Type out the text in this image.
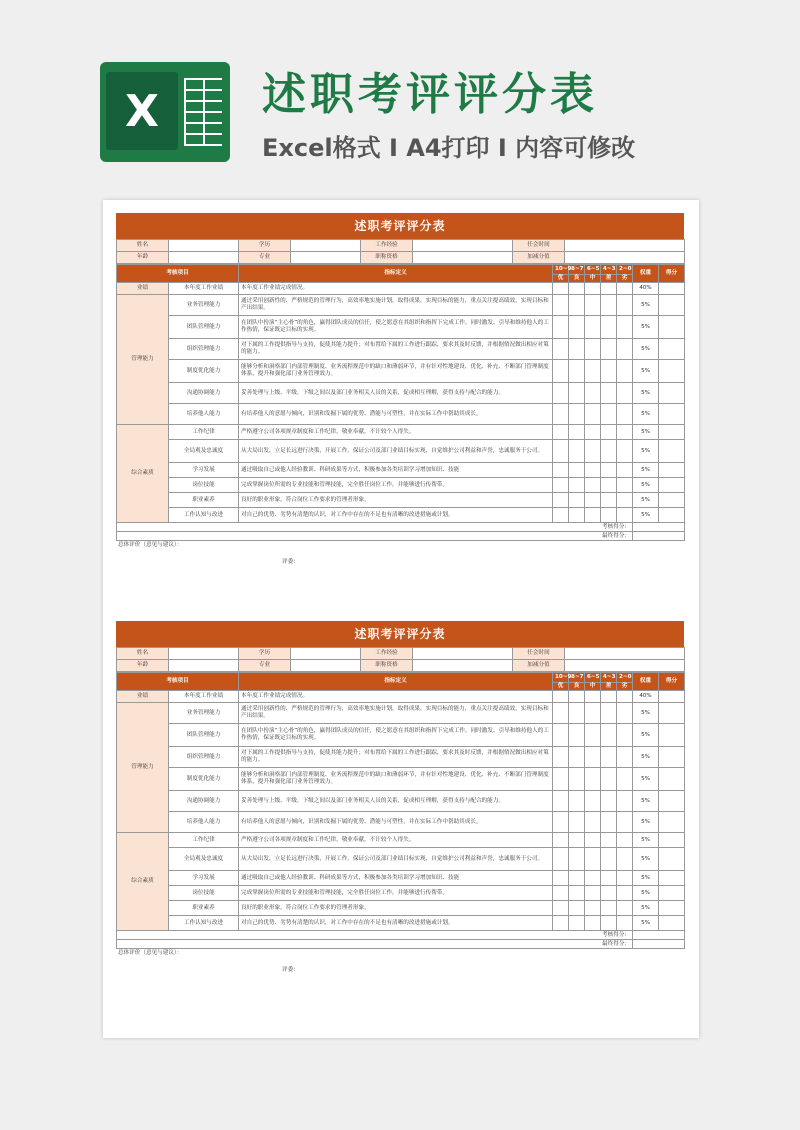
X	述职考评评分表
Excel格式 I A4打印 I 内容可修改
述职考评评分表
姓名		学历		工作经验		任会时间	
年龄		专业		职称资格		加减分值	
考核项目		指标定义	10~9	8~7	6~5	4~3	2~0	权重	得分
			优	良	中	差	劣		
业绩	本年度工作业绩	本年度工作业绩完成情况。						40%	
管理能力	业务管理能力	通过采用创新性的、严格规范的管理行为，高效率地实施计划，取得成果，实现目标的能力，重点关注提高绩效，实现目标和产出结果。						5%	
	团队管理能力	在团队中扮演“主心骨”的角色，赢得团队成员的信任，使之愿意在其组织和指挥下完成工作，同时激发、引导和维持他人的工作热情，保证既定目标的实现。						5%	
	组织管理能力	对下属的工作提供指导与支持，促使其能力提升；对布置给下属的工作进行跟踪，要求其及时反馈，并根据情况做出相应对策的能力。						5%	
	制度优化能力	能够分析和洞察部门内部管理制度、业务流程规范中的缺口和薄弱环节，并有针对性地建设、优化、补充、不断部门管理制度体系，提升和强化部门业务管理效力。						5%	
	沟通协调能力	妥善处理与上级、平级、下级之间以及部门业务相关人员的关系，促成相互理解，获得支持与配合的能力。						5%	
	培养他人能力	有培养他人的意愿与倾向，识别和发掘下属的优势、潜能与可塑性，并在实际工作中帮助其成长。						5%	
综合素质	工作纪律	严格遵守公司各项规章制度和工作纪律，敬业奉献，不计较个人得失。						5%	
	全局观及忠诚度	从大局出发，立足长远进行决策，开展工作，保证公司及部门业绩目标实现，自觉维护公司利益和声誉，忠诚服务于公司。						5%	
	学习发展	通过吸取自己或他人经验教训、科研成果等方式，积极参加各类培训学习增加知识、技能						5%	
	岗位技能	完成掌握岗位所需的专业技能和管理技能，完全胜任岗位工作，并能够进行传帮带。						5%	
	职业素养	良好的职业形象，符合岗位工作要求的管理者形象。						5%	
	工作认知与改进	对自己的优势、劣势有清楚的认识，对工作中存在的不足也有清晰的改进措施或计划。						5%	
考核得分：									
最终得分：									
总体评价（意见与建议）：
评委：
述职考评评分表
姓名		学历		工作经验		任会时间	
年龄		专业		职称资格		加减分值	
考核项目		指标定义	10~9	8~7	6~5	4~3	2~0	权重	得分
			优	良	中	差	劣		
业绩	本年度工作业绩	本年度工作业绩完成情况。						40%	
管理能力	业务管理能力	通过采用创新性的、严格规范的管理行为，高效率地实施计划，取得成果，实现目标的能力，重点关注提高绩效，实现目标和产出结果。						5%	
	团队管理能力	在团队中扮演“主心骨”的角色，赢得团队成员的信任，使之愿意在其组织和指挥下完成工作，同时激发、引导和维持他人的工作热情，保证既定目标的实现。						5%	
	组织管理能力	对下属的工作提供指导与支持，促使其能力提升；对布置给下属的工作进行跟踪，要求其及时反馈，并根据情况做出相应对策的能力。						5%	
	制度优化能力	能够分析和洞察部门内部管理制度、业务流程规范中的缺口和薄弱环节，并有针对性地建设、优化、补充、不断部门管理制度体系，提升和强化部门业务管理效力。						5%	
	沟通协调能力	妥善处理与上级、平级、下级之间以及部门业务相关人员的关系，促成相互理解，获得支持与配合的能力。						5%	
	培养他人能力	有培养他人的意愿与倾向，识别和发掘下属的优势、潜能与可塑性，并在实际工作中帮助其成长。						5%	
综合素质	工作纪律	严格遵守公司各项规章制度和工作纪律，敬业奉献，不计较个人得失。						5%	
	全局观及忠诚度	从大局出发，立足长远进行决策，开展工作，保证公司及部门业绩目标实现，自觉维护公司利益和声誉，忠诚服务于公司。						5%	
	学习发展	通过吸取自己或他人经验教训、科研成果等方式，积极参加各类培训学习增加知识、技能						5%	
	岗位技能	完成掌握岗位所需的专业技能和管理技能，完全胜任岗位工作，并能够进行传帮带。						5%	
	职业素养	良好的职业形象，符合岗位工作要求的管理者形象。						5%	
	工作认知与改进	对自己的优势、劣势有清楚的认识，对工作中存在的不足也有清晰的改进措施或计划。						5%	
考核得分：									
最终得分：									
总体评价（意见与建议）：
评委：
